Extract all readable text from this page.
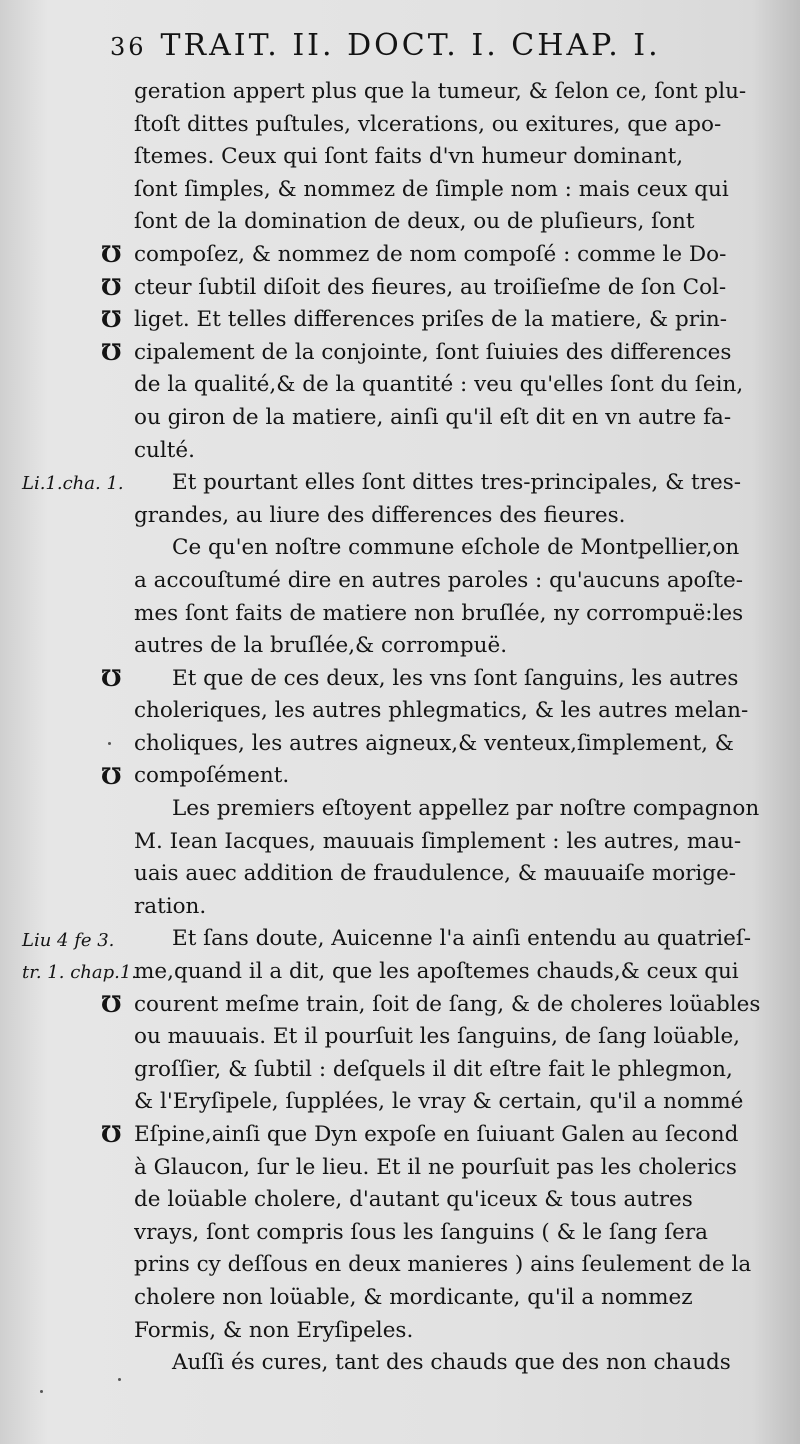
36 TRAIT. II. DOCT. I. CHAP. I.
Li.1.cha. 1.
Liu 4 fe 3.
tr. 1. chap.1.
℧
℧
℧
℧
℧
℧
℧
℧
geration appert plus que la tumeur, & ſelon ce, ſont plu-
ſtoſt dittes puſtules, vlcerations, ou exitures, que apo-
ſtemes. Ceux qui ſont faits d'vn humeur dominant,
ſont ſimples, & nommez de ſimple nom : mais ceux qui
ſont de la domination de deux, ou de pluſieurs, ſont
compoſez, & nommez de nom compoſé : comme le Do-
cteur ſubtil diſoit des fieures, au troiſieſme de ſon Col-
liget. Et telles differences priſes de la matiere, & prin-
cipalement de la conjointe, ſont ſuiuies des differences
de la qualité,& de la quantité : veu qu'elles ſont du ſein,
ou giron de la matiere, ainſi qu'il eſt dit en vn autre fa-
culté.
Et pourtant elles ſont dittes tres-principales, & tres-
grandes, au liure des differences des fieures.
Ce qu'en noſtre commune eſchole de Montpellier,on
a accouſtumé dire en autres paroles : qu'aucuns apoſte-
mes ſont faits de matiere non bruſlée, ny corrompuë:les
autres de la bruſlée,& corrompuë.
Et que de ces deux, les vns ſont ſanguins, les autres
choleriques, les autres phlegmatics, & les autres melan-
choliques, les autres aigneux,& venteux,ſimplement, &
compoſément.
Les premiers eſtoyent appellez par noſtre compagnon
M. Iean Iacques, mauuais ſimplement : les autres, mau-
uais auec addition de fraudulence, & mauuaiſe morige-
ration.
Et ſans doute, Auicenne l'a ainſi entendu au quatrieſ-
me,quand il a dit, que les apoſtemes chauds,& ceux qui
courent meſme train, ſoit de ſang, & de choleres loüables
ou mauuais. Et il pourſuit les ſanguins, de ſang loüable,
groſſier, & ſubtil : deſquels il dit eſtre fait le phlegmon,
& l'Eryſipele, ſupplées, le vray & certain, qu'il a nommé
Eſpine,ainſi que Dyn expoſe en ſuiuant Galen au ſecond
à Glaucon, ſur le lieu. Et il ne pourſuit pas les cholerics
de loüable cholere, d'autant qu'iceux & tous autres
vrays, ſont compris ſous les ſanguins ( & le ſang ſera
prins cy deſſous en deux manieres ) ains ſeulement de la
cholere non loüable, & mordicante, qu'il a nommez
Formis, & non Eryſipeles.
Auſſi és cures, tant des chauds que des non chauds
